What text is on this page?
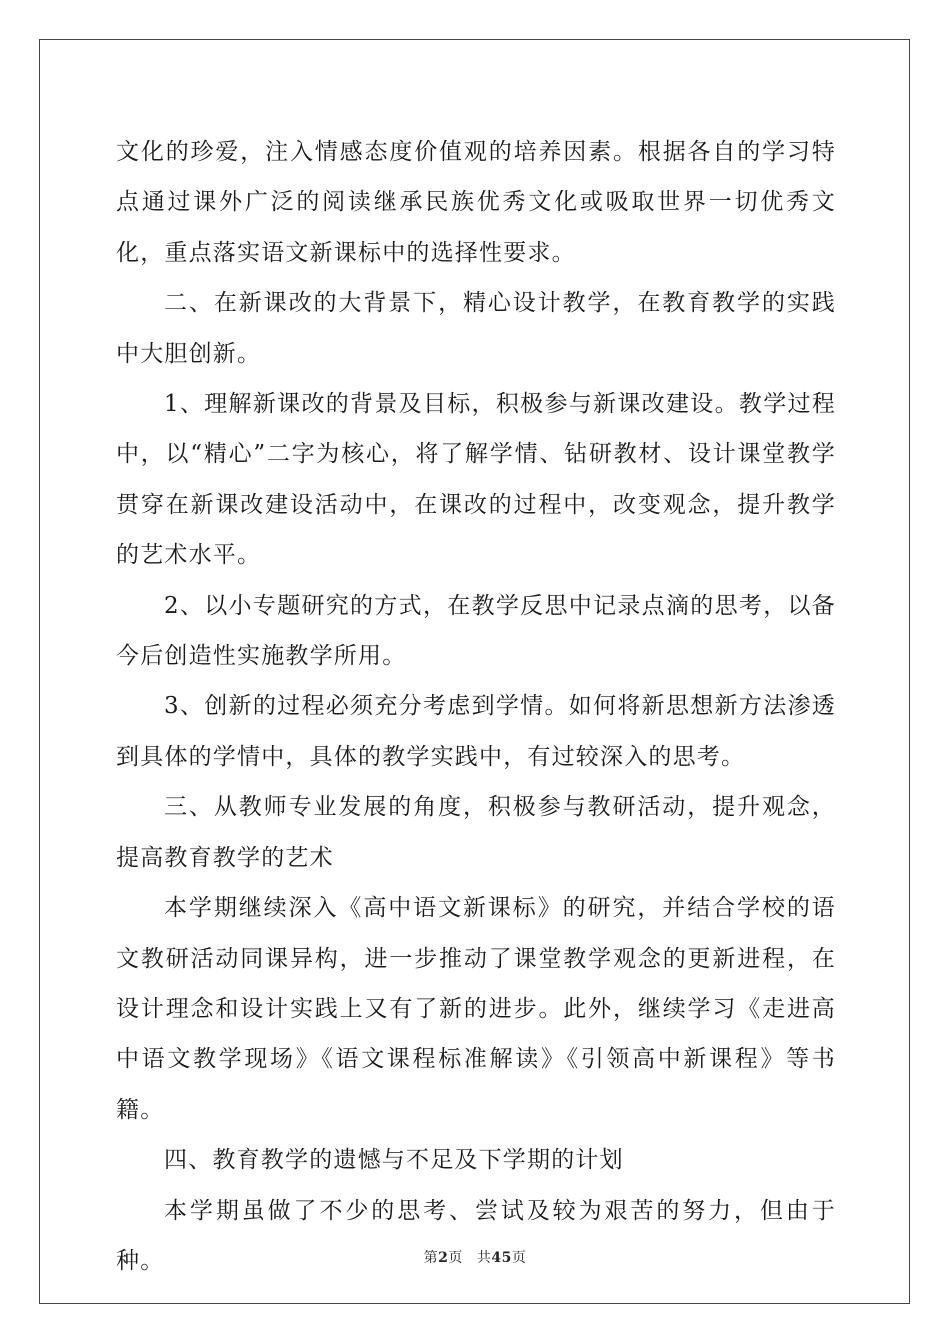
文化的珍爱，注入情感态度价值观的培养因素。根据各自的学习特点通过课外广泛的阅读继承民族优秀文化或吸取世界一切优秀文化，重点落实语文新课标中的选择性要求。

二、在新课改的大背景下，精心设计教学，在教育教学的实践中大胆创新。

1、理解新课改的背景及目标，积极参与新课改建设。教学过程中，以“精心”二字为核心，将了解学情、钻研教材、设计课堂教学贯穿在新课改建设活动中，在课改的过程中，改变观念，提升教学的艺术水平。

2、以小专题研究的方式，在教学反思中记录点滴的思考，以备今后创造性实施教学所用。

3、创新的过程必须充分考虑到学情。如何将新思想新方法渗透到具体的学情中，具体的教学实践中，有过较深入的思考。

三、从教师专业发展的角度，积极参与教研活动，提升观念，提高教育教学的艺术

本学期继续深入《高中语文新课标》的研究，并结合学校的语文教研活动同课异构，进一步推动了课堂教学观念的更新进程，在设计理念和设计实践上又有了新的进步。此外，继续学习《走进高中语文教学现场》《语文课程标准解读》《引领高中新课程》等书籍。

四、教育教学的遗憾与不足及下学期的计划

本学期虽做了不少的思考、尝试及较为艰苦的努力，但由于种。	第2页 共45页
